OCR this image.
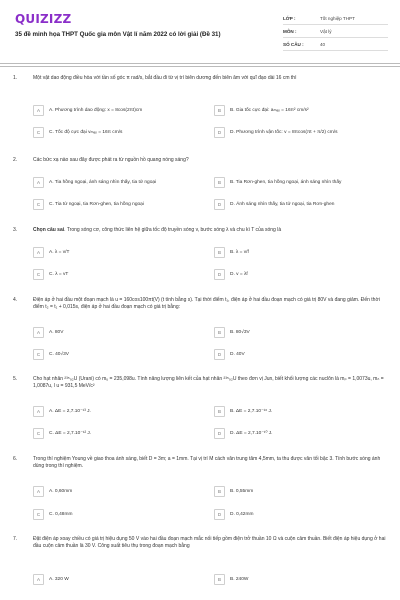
QUIZIZZ
35 đề minh họa THPT Quốc gia môn Vật lí năm 2022 có lời giải (Đề 31)
LỚP :	Tốt nghiệp THPT
MÔN :	Vật lý
SỐ CÂU :	40
1.	Một vật dao động điều hòa với tần số góc π rad/s, bắt đầu đi từ vị trí biên dương đến biên âm với quĩ đạo dài 16 cm thì
A	A. Phương trình dao động: x = 8cos(2πt)cm	B	B. Gia tốc cực đại: aₘₐₓ = 16π² cm/s²
C	C. Tốc độ cực đại vₘₐₓ = 16π cm/s	D	D. Phương trình vận tốc: v = 8πcos(πt + π/2) cm/s
2.	Các bức xạ nào sau đây được phát ra từ nguồn hồ quang nóng sáng?
A	A. Tia hồng ngoại, ánh sáng nhìn thấy, tia tử ngoại	B	B. Tia Rơn-ghen, tia hồng ngoại, ánh sáng nhìn thấy
C	C. Tia tử ngoại, tia Rơn-ghen, tia hồng ngoại	D	D. Ánh sáng nhìn thấy, tia tử ngoại, tia Rơn-ghen
3.	Chọn câu sai. Trong sóng cơ, công thức liên hệ giữa tốc độ truyền sóng v, bước sóng λ và chu kì T của sóng là
A	A. λ = v/T	B	B. λ = v/f
C	C. λ = vT	D	D. v = λf
4.	Điện áp ở hai đầu một đoạn mạch là u = 160cos100πt(V) (t tính bằng s). Tại thời điểm t₁, điện áp ở hai đầu đoạn mạch có giá trị 80V và đang giảm. Đến thời điểm t₂ = t₁ + 0,015s, điện áp ở hai đầu đoạn mạch có giá trị bằng:
A	A. 80V	B	B. 80√3V
C	C. 40√3V	D	D. 40V
5.	Cho hạt nhân ²³⁵₉₂U (Urani) có mᵤ = 235,098u. Tính năng lượng liên kết của hạt nhân ²³⁵₉₂U theo đơn vị Jun, biết khối lượng các nuclôn là mₚ = 1,0073u, mₙ = 1,0087u, l u = 931,5 MeV/c²
A	A. ΔE = 2,7.10⁻¹³ J.	B	B. ΔE = 2,7.10⁻¹⁶ J.
C	C. ΔE = 2,7.10⁻¹² J.	D	D. ΔE = 2,7.10⁻¹⁰ J.
6.	Trong thí nghiệm Young về giao thoa ánh sáng, biết D = 3m; a = 1mm. Tại vị trí M cách vân trung tâm 4,5mm, ta thu được vân tối bậc 3. Tính bước sóng ánh dùng trong thí nghiệm.
A	A. 0,60mm	B	B. 0,55mm
C	C. 0,48mm	D	D. 0,42mm
7.	Đặt điện áp xoay chiều có giá trị hiệu dụng 50 V vào hai đầu đoạn mạch mắc nối tiếp gồm điện trở thuần 10 Ω và cuộn cảm thuần. Biết điện áp hiệu dụng ở hai đầu cuộn cảm thuần là 30 V. Công suất tiêu thụ trong đoạn mạch bằng
A	A. 320 W	B	B. 240W
